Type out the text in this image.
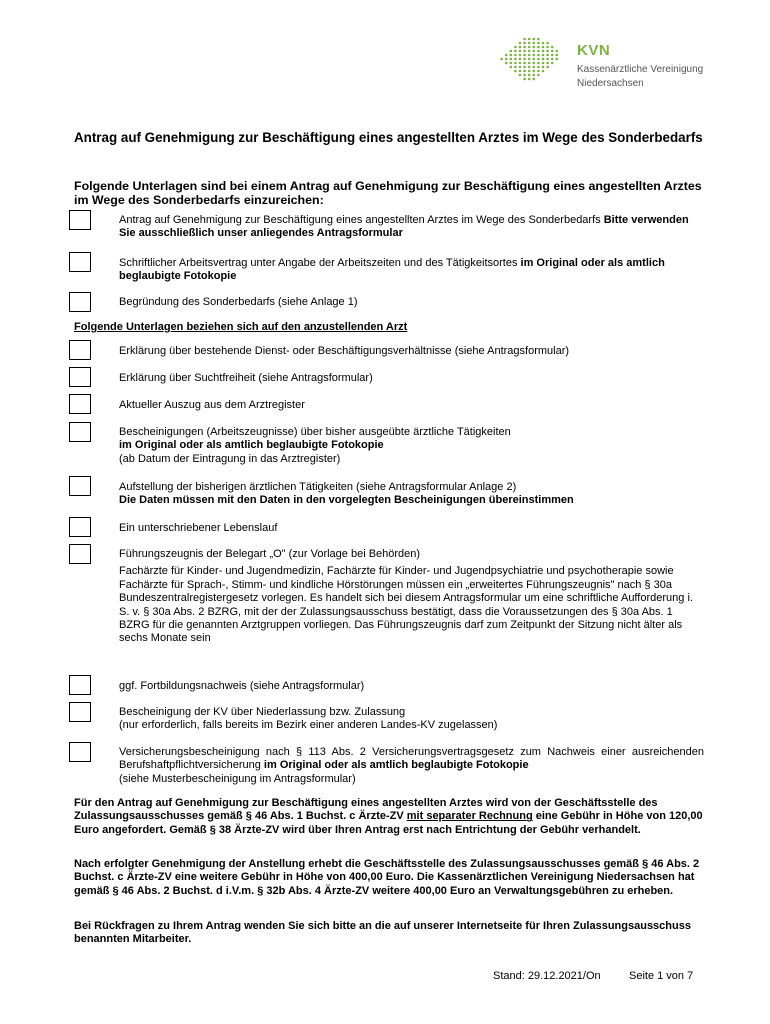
KVN
Kassenärztliche Vereinigung
Niedersachsen
Antrag auf Genehmigung zur Beschäftigung eines angestellten Arztes im Wege des Sonderbedarfs
Folgende Unterlagen sind bei einem Antrag auf Genehmigung zur Beschäftigung eines angestellten Arztes im Wege des Sonderbedarfs einzureichen:
Antrag auf Genehmigung zur Beschäftigung eines angestellten Arztes im Wege des Sonderbedarfs Bitte verwenden Sie ausschließlich unser anliegendes Antragsformular
Schriftlicher Arbeitsvertrag unter Angabe der Arbeitszeiten und des Tätigkeitsortes im Original oder als amtlich beglaubigte Fotokopie
Begründung des Sonderbedarfs (siehe Anlage 1)
Folgende Unterlagen beziehen sich auf den anzustellenden Arzt
Erklärung über bestehende Dienst- oder Beschäftigungsverhältnisse (siehe Antragsformular)
Erklärung über Suchtfreiheit (siehe Antragsformular)
Aktueller Auszug aus dem Arztregister

Bescheinigungen (Arbeitszeugnisse) über bisher ausgeübte ärztliche Tätigkeiten

im Original oder als amtlich beglaubigte Fotokopie

(ab Datum der Eintragung in das Arztregister)

Aufstellung der bisherigen ärztlichen Tätigkeiten (siehe Antragsformular Anlage 2)

Die Daten müssen mit den Daten in den vorgelegten Bescheinigungen übereinstimmen

Ein unterschriebener Lebenslauf

Führungszeugnis der Belegart „O" (zur Vorlage bei Behörden)

Fachärzte für Kinder- und Jugendmedizin, Fachärzte für Kinder- und Jugendpsychiatrie und psychotherapie sowie Fachärzte für Sprach-, Stimm- und kindliche Hörstörungen müssen ein „erweitertes Führungszeugnis" nach § 30a Bundeszentralregistergesetz vorlegen. Es handelt sich bei diesem Antragsformular um eine schriftliche Aufforderung i. S. v. § 30a Abs. 2 BZRG, mit der der Zulassungsausschuss bestätigt, dass die Voraussetzungen des § 30a Abs. 1 BZRG für die genannten Arztgruppen vorliegen. Das Führungszeugnis darf zum Zeitpunkt der Sitzung nicht älter als sechs Monate sein

ggf. Fortbildungsnachweis (siehe Antragsformular)

Bescheinigung der KV über Niederlassung bzw. Zulassung

(nur erforderlich, falls bereits im Bezirk einer anderen Landes-KV zugelassen)

Versicherungsbescheinigung nach § 113 Abs. 2 Versicherungsvertragsgesetz zum Nachweis einer ausreichenden Berufshaftpflichtversicherung im Original oder als amtlich beglaubigte Fotokopie

(siehe Musterbescheinigung im Antragsformular)

Für den Antrag auf Genehmigung zur Beschäftigung eines angestellten Arztes wird von der Geschäftsstelle des Zulassungsausschusses gemäß § 46 Abs. 1 Buchst. c Ärzte-ZV mit separater Rechnung eine Gebühr in Höhe von 120,00 Euro angefordert. Gemäß § 38 Ärzte-ZV wird über Ihren Antrag erst nach Entrichtung der Gebühr verhandelt.
Nach erfolgter Genehmigung der Anstellung erhebt die Geschäftsstelle des Zulassungsausschusses gemäß § 46 Abs. 2 Buchst. c Ärzte-ZV eine weitere Gebühr in Höhe von 400,00 Euro. Die Kassenärztlichen Vereinigung Niedersachsen hat gemäß § 46 Abs. 2 Buchst. d i.V.m. § 32b Abs. 4 Ärzte-ZV weitere 400,00 Euro an Verwaltungsgebühren zu erheben.
Bei Rückfragen zu Ihrem Antrag wenden Sie sich bitte an die auf unserer Internetseite für Ihren Zulassungsausschuss benannten Mitarbeiter.
Stand: 29.12.2021/On	Seite 1 von 7
